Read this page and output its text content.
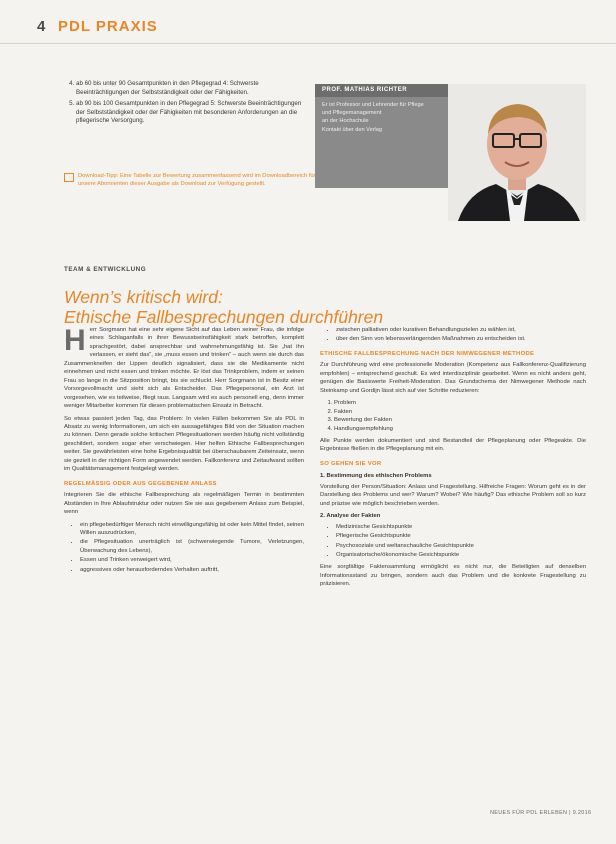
4 PDL PRAXIS
4. ab 60 bis unter 90 Gesamtpunkten in den Pflegegrad 4: Schwerste Beeinträchtigungen der Selbstständigkeit oder der Fähigkeiten.
5. ab 90 bis 100 Gesamtpunkten in den Pflegegrad 5: Schwerste Beeinträchtigungen der Selbstständigkeit oder der Fähigkeiten mit besonderen Anforderungen an die pflegerische Versorgung.
Download-Tipp: Eine Tabelle zur Bewertung zusammenfassend wird im Downloadbereich für unsere Abonnenten dieser Ausgabe als Download zur Verfügung gestellt.
PROF. MATHIAS RICHTER
Er ist Professor und Lehrender für Pflege
und Pflegemanagement
an der Hochschule
Kontakt über den Verlag
TEAM & ENTWICKLUNG
Wenn’s kritisch wird:
Ethische Fallbesprechungen durchführen

Herr Sorgmann hat eine sehr eigene Sicht auf das Leben seiner Frau, die infolge eines Schlaganfalls in ihrer Bewusstseinsfähigkeit stark betroffen, komplett sprachgestört, dabei ansprechbar und wahrnehmungsfähig ist. Sie „hat ihn verlassen, er sieht das“, sie „muss essen und trinken“ – auch wenn sie durch das Zusammenkneifen der Lippen deutlich signalisiert, dass sie die Medikamente nicht einnehmen und nicht essen und trinken möchte. Er löst das Trinkproblem, indem er seinen Frau so lange in die Sitzposition bringt, bis sie schluckt. Herr Sorgmann ist in Besitz einer Vorsorgevollmacht und sieht sich als Entscheider. Das Pflegepersonal, ein Arzt ist vorgesehen, wie es teilweise, fliegt raus. Langsam wird es auch personell eng, denn immer weniger Mitarbeiter kommen für diesen problematischen Einsatz in Betracht.

So etwas passiert jeden Tag, das Problem: In vielen Fällen bekommen Sie als PDL in Absatz zu wenig Informationen, um sich ein aussagefähiges Bild von der Situation machen zu können. Denn gerade solche kritischen Pflegesituationen werden häufig nicht vollständig geschildert, sondern sogar eher verschwiegen. Hier helfen Ethische Fallbesprechungen weiter. Sie gewährleisten eine hohe Ergebnisqualität bei überschaubarem Zeiteinsatz, wenn sie gezielt in der richtigen Form angewendet werden. Fallkonferenz und Zeitaufwand sollten im Qualitätsmanagement festgelegt werden.

REGELMÄSSIG ODER AUS GEGEBENEM ANLASS

Integrieren Sie die ethische Fallbesprechung als regelmäßigen Termin in bestimmten Abständen in Ihre Ablaufstruktur oder nutzen Sie sie aus gegebenem Anlass zum Beispiel, wenn

• ein pflegebedürftiger Mensch nicht einwilligungsfähig ist oder kein Mittel findet, seinen Willen auszudrücken,
• die Pflegesituation unerträglich ist (schwerwiegende Tumore, Verletzungen, Überwachung des Lebens),
• Essen und Trinken verweigert wird,
• aggressives oder herausforderndes Verhalten auftritt,
• zwischen palliativen oder kurativen Behandlungszielen zu wählen ist,
• über den Sinn von lebensverlängernden Maßnahmen zu entscheiden ist.
ETHISCHE FALLBESPRECHUNG NACH DER NIMWEGENER METHODE

Zur Durchführung wird eine professionelle Moderation (Kompetenz aus Fallkonferenz-Qualifizierung empfohlen) – entsprechend geschult. Es wird interdisziplinär gearbeitet. Wenn es nicht anders geht, genügen die Basiswerte Freiheit-Moderation. Das Grundschema der Nimwegener Methode nach Steinkamp und Gordijn lässt sich auf vier Schritte reduzieren:

1. Problem
2. Fakten
3. Bewertung der Fakten
4. Handlungsempfehlung

Alle Punkte werden dokumentiert und sind Bestandteil der Pflegeplanung oder Pflegeakte. Die Ergebnisse fließen in die Pflegeplanung mit ein.

SO GEHEN SIE VOR
1. Bestimmung des ethischen Problems

Vorstellung der Person/Situation: Anlass und Fragestellung. Hilfreiche Fragen: Worum geht es in der Darstellung des Problems und wer? Warum? Wobei? Wie häufig? Das ethische Problem soll so kurz und präzise wie möglich beschrieben werden.

2. Analyse der Fakten
• Medizinische Gesichtspunkte
• Pflegerische Gesichtspunkte
• Psychosoziale und weltanschauliche Gesichtspunkte
• Organisatorische/ökonomische Gesichtspunkte

Eine sorgfältige Faktensammlung ermöglicht es nicht nur, die Beteiligten auf denselben Informationsstand zu bringen, sondern auch das Problem und die konkrete Fragestellung zu präzisieren.

NEUES FÜR PDL ERLEBEN | 9.2016
